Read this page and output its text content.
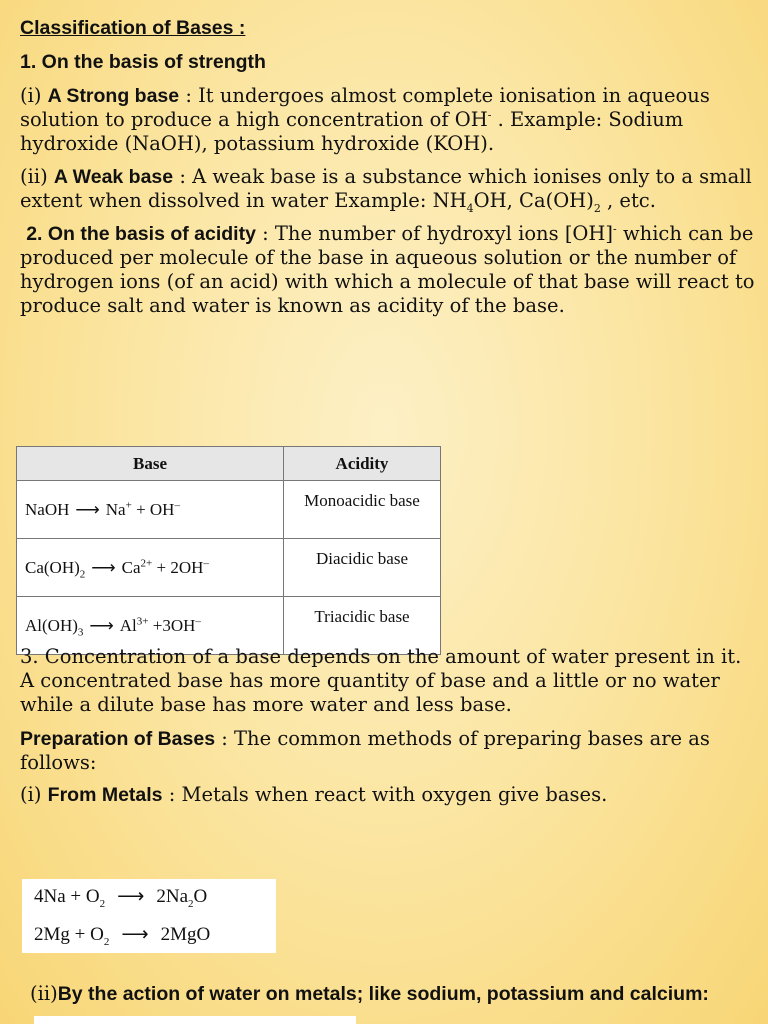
Classification of Bases :
1. On the basis of strength
(i) A Strong base : It undergoes almost complete ionisation in aqueous solution to produce a high concentration of OH- . Example: Sodium hydroxide (NaOH), potassium hydroxide (KOH).
(ii) A Weak base : A weak base is a substance which ionises only to a small extent when dissolved in water Example: $NH_4OH$, $Ca(OH)_2$ , etc.
2. On the basis of acidity : The number of hydroxyl ions [OH]- which can be produced per molecule of the base in aqueous solution or the number of hydrogen ions (of an acid) with which a molecule of that base will react to produce salt and water is known as acidity of the base.
Base	Acidity
NaOH ⟶ Na+ + OH–	Monoacidic base
$Ca(OH)_2$ ⟶ $Ca^{2+} + 2OH^-$	Diacidic base
$Al(OH)_3$ ⟶ $Al^{3+} +3OH^-$	Triacidic base
3. Concentration of a base depends on the amount of water present in it. A concentrated base has more quantity of base and a little or no water while a dilute base has more water and less base.
Preparation of Bases : The common methods of preparing bases are as follows:
(i) From Metals : Metals when react with oxygen give bases.
$4Na + O_2$ ⟶ $2Na_2O$
$2Mg + O_2$ ⟶ 2MgO
(ii)By the action of water on metals; like sodium, potassium and calcium:
